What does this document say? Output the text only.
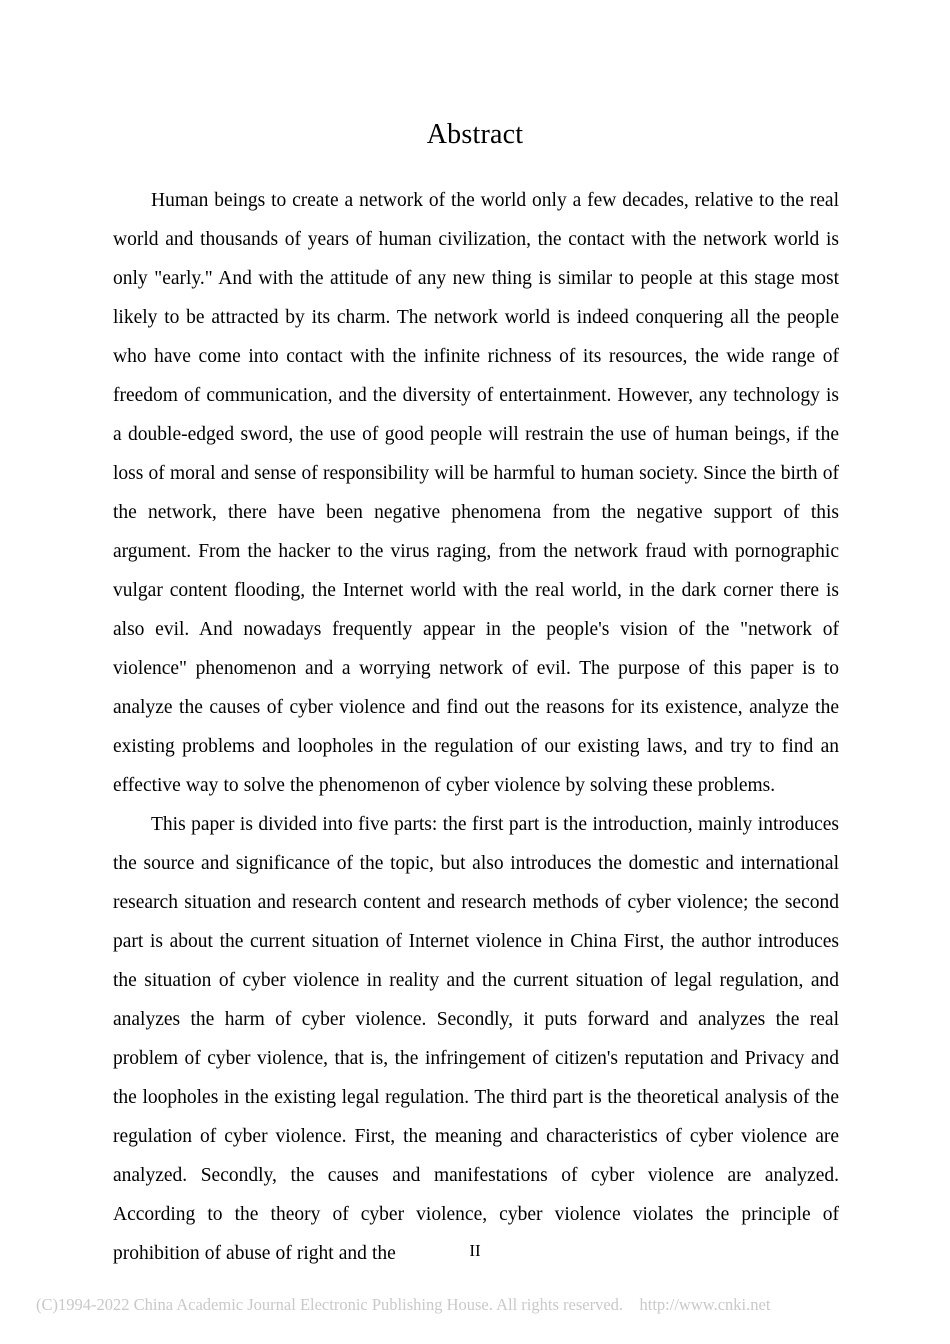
Abstract

Human beings to create a network of the world only a few decades, relative to the real world and thousands of years of human civilization, the contact with the network world is only "early." And with the attitude of any new thing is similar to people at this stage most likely to be attracted by its charm. The network world is indeed conquering all the people who have come into contact with the infinite richness of its resources, the wide range of freedom of communication, and the diversity of entertainment. However, any technology is a double-edged sword, the use of good people will restrain the use of human beings, if the loss of moral and sense of responsibility will be harmful to human society. Since the birth of the network, there have been negative phenomena from the negative support of this argument. From the hacker to the virus raging, from the network fraud with pornographic vulgar content flooding, the Internet world with the real world, in the dark corner there is also evil. And nowadays frequently appear in the people's vision of the "network of violence" phenomenon and a worrying network of evil. The purpose of this paper is to analyze the causes of cyber violence and find out the reasons for its existence, analyze the existing problems and loopholes in the regulation of our existing laws, and try to find an effective way to solve the phenomenon of cyber violence by solving these problems.

This paper is divided into five parts: the first part is the introduction, mainly introduces the source and significance of the topic, but also introduces the domestic and international research situation and research content and research methods of cyber violence; the second part is about the current situation of Internet violence in China First, the author introduces the situation of cyber violence in reality and the current situation of legal regulation, and analyzes the harm of cyber violence. Secondly, it puts forward and analyzes the real problem of cyber violence, that is, the infringement of citizen's reputation and Privacy and the loopholes in the existing legal regulation. The third part is the theoretical analysis of the regulation of cyber violence. First, the meaning and characteristics of cyber violence are analyzed. Secondly, the causes and manifestations of cyber violence are analyzed. According to the theory of cyber violence, cyber violence violates the principle of prohibition of abuse of right and the	II
(C)1994-2022 China Academic Journal Electronic Publishing House. All rights reserved.    http://www.cnki.net
